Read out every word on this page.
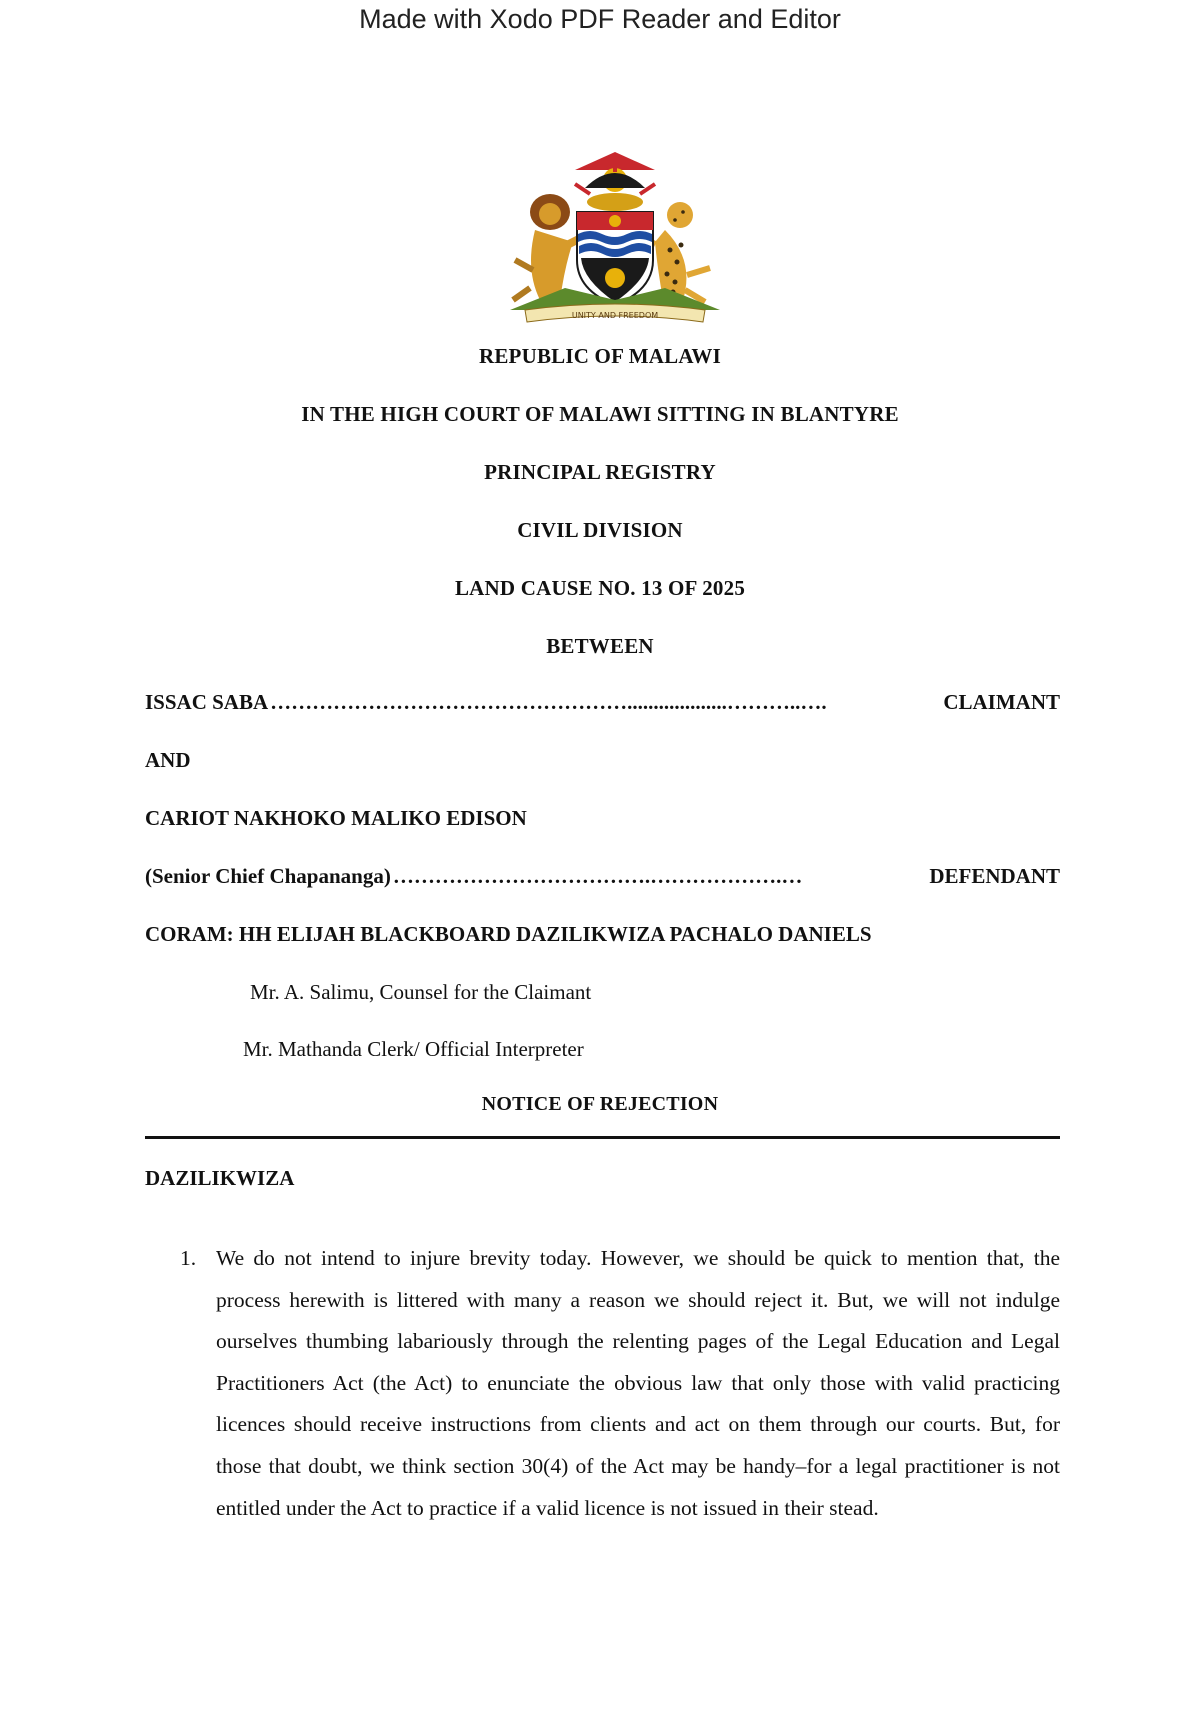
Made with Xodo PDF Reader and Editor
UNITY AND FREEDOM
REPUBLIC OF MALAWI
IN THE HIGH COURT OF MALAWI SITTING IN BLANTYRE
PRINCIPAL REGISTRY
CIVIL DIVISION
LAND CAUSE NO. 13 OF 2025
BETWEEN
ISSAC SABA ……………………………………………...................………..….	CLAIMANT
AND
CARIOT NAKHOKO MALIKO EDISON
(Senior Chief Chapananga) ……………………………….……………….…	DEFENDANT
CORAM: HH ELIJAH BLACKBOARD DAZILIKWIZA PACHALO DANIELS
Mr. A. Salimu, Counsel for the Claimant
Mr. Mathanda Clerk/ Official Interpreter
NOTICE OF REJECTION
DAZILIKWIZA
1. We do not intend to injure brevity today. However, we should be quick to mention that, the process herewith is littered with many a reason we should reject it. But, we will not indulge ourselves thumbing labariously through the relenting pages of the Legal Education and Legal Practitioners Act (the Act) to enunciate the obvious law that only those with valid practicing licences should receive instructions from clients and act on them through our courts. But, for those that doubt, we think section 30(4) of the Act may be handy–for a legal practitioner is not entitled under the Act to practice if a valid licence is not issued in their stead.
